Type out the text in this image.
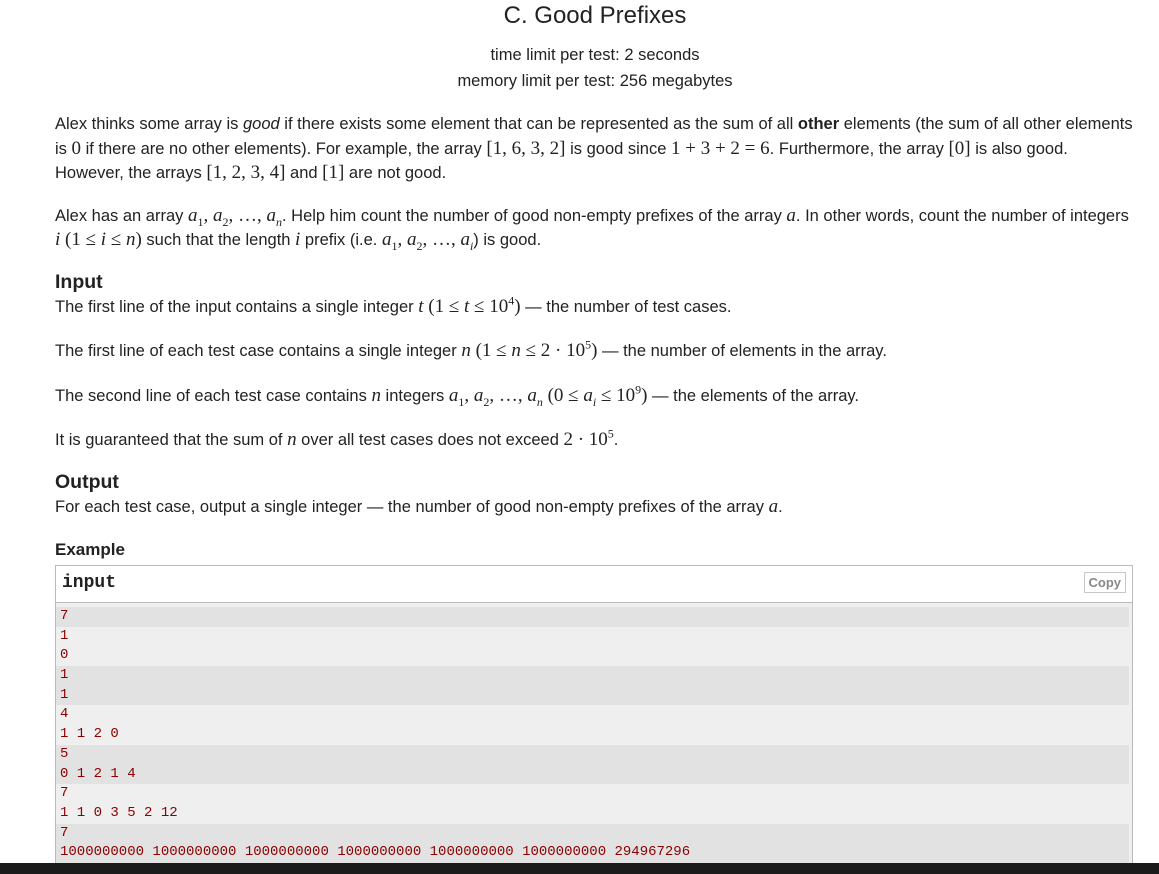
C. Good Prefixes
time limit per test: 2 seconds
memory limit per test: 256 megabytes

Alex thinks some array is good if there exists some element that can be represented as the sum of all other elements (the sum of all other elements is 0 if there are no other elements). For example, the array [1, 6, 3, 2] is good since 1 + 3 + 2 = 6. Furthermore, the array [0] is also good. However, the arrays [1, 2, 3, 4] and [1] are not good.

Alex has an array $a_1$, $a_2$, …, $a_n$. Help him count the number of good non-empty prefixes of the array a. In other words, count the number of integers i (1 ≤ i ≤ n) such that the length i prefix (i.e. $a_1$, $a_2$, …, $a_i$) is good.

Input

The first line of the input contains a single integer t $(1 \le t \le 10^4)$ — the number of test cases.

The first line of each test case contains a single integer n $(1 \le n \le 2 \cdot 10^5)$ — the number of elements in the array.

The second line of each test case contains n integers $a_1$, $a_2$, …, $a_n$ $(0 \le a_i \le 10^9)$ — the elements of the array.

It is guaranteed that the sum of n over all test cases does not exceed $2 \cdot 10^5$.

Output

For each test case, output a single integer — the number of good non-empty prefixes of the array a.

Example
input	Copy
7
1
0
1
1
4
1 1 2 0
5
0 1 2 1 4
7
1 1 0 3 5 2 12
7
1000000000 1000000000 1000000000 1000000000 1000000000 1000000000 294967296
